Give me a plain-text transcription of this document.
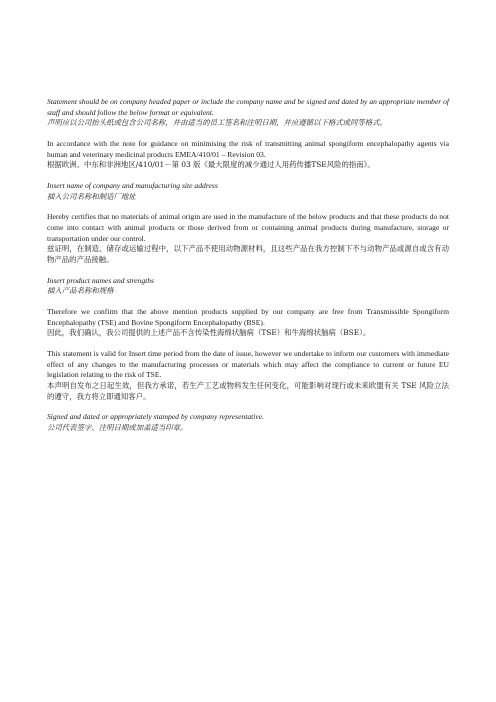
Statement should be on company headed paper or include the company name and be signed and dated by an appropriate member of staff and should follow the below format or equivalent.

声明应以公司抬头纸或包含公司名称，并由适当的员工签名和注明日期，并应遵循以下格式或同等格式。

In accordance with the note for guidance on minimising the risk of transmitting animal spongiform encephalopathy agents via human and veterinary medicinal products EMEA/410/01 – Revision 03.

根据欧洲、中东和非洲地区/410/01－第 03 版《最大限度的减少通过人用药传播TSE风险的指南》。

Insert name of company and manufacturing site address

插入公司名称和制造厂地址

Hereby certifies that no materials of animal origin are used in the manufacture of the below products and that these products do not come into contact with animal products or those derived from or containing animal products during manufacture, storage or transportation under our control.

兹证明，在制造、储存或运输过程中，以下产品不使用动物源材料，且这些产品在我方控制下不与动物产品或源自或含有动物产品的产品接触。

Insert product names and strengths

插入产品名称和规格

Therefore we confirm that the above mention products supplied by our company are free from Transmissible Spongiform Encephalopathy (TSE) and Bovine Spongiform Encephalopathy (BSE).

因此，我们确认，我公司提供的上述产品不含传染性海绵状脑病（TSE）和牛海绵状脑病（BSE）。

This statement is valid for Insert time period from the date of issue, however we undertake to inform our customers with immediate effect of any changes to the manufacturing processes or materials which may affect the compliance to current or future EU legislation relating to the risk of TSE.

本声明自发布之日起生效，但我方承诺，若生产工艺或物料发生任何变化，可能影响对现行或未来欧盟有关 TSE 风险立法的遵守，我方将立即通知客户。

Signed and dated or appropriately stamped by company representative.

公司代表签字、注明日期或加盖适当印章。
